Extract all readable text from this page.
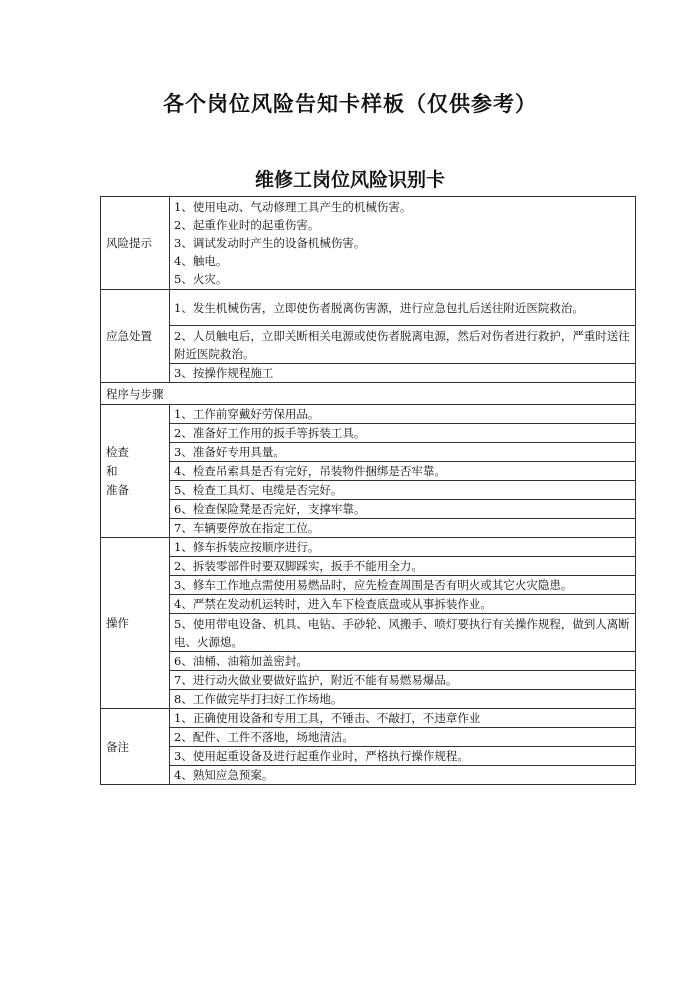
各个岗位风险告知卡样板（仅供参考）
维修工岗位风险识别卡
风险提示	1、使用电动、气动修理工具产生的机械伤害。
2、起重作业时的起重伤害。
3、调试发动时产生的设备机械伤害。
4、触电。
5、火灾。

应急处置	1、发生机械伤害，立即使伤者脱离伤害源，进行应急包扎后送往附近医院救治。
	2、人员触电后，立即关断相关电源或使伤者脱离电源，然后对伤者进行救护，严重时送往附近医院救治。
	3、按操作规程施工
程序与步骤	

检查
和
准备	1、工作前穿戴好劳保用品。
	2、准备好工作用的扳手等拆装工具。
	3、准备好专用具量。
	4、检查吊索具是否有完好，吊装物件捆绑是否牢靠。
	5、检查工具灯、电缆是否完好。
	6、检查保险凳是否完好，支撑牢靠。
	7、车辆要停放在指定工位。
操作	1、修车拆装应按顺序进行。
	2、拆装零部件时要双脚踩实，扳手不能用全力。
	3、修车工作地点需使用易燃品时，应先检查周围是否有明火或其它火灾隐患。
	4、严禁在发动机运转时，进入车下检查底盘或从事拆装作业。
	5、使用带电设备、机具、电钻、手砂轮、风搬手、喷灯要执行有关操作规程，做到人离断电、火源熄。
	6、油桶、油箱加盖密封。
	7、进行动火做业要做好监护，附近不能有易燃易爆品。
	8、工作做完毕打扫好工作场地。
备注	1、正确使用设备和专用工具，不锤击、不敲打，不违章作业
	2、配件、工件不落地，场地清洁。
	3、使用起重设备及进行起重作业时，严格执行操作规程。
	4、熟知应急预案。
